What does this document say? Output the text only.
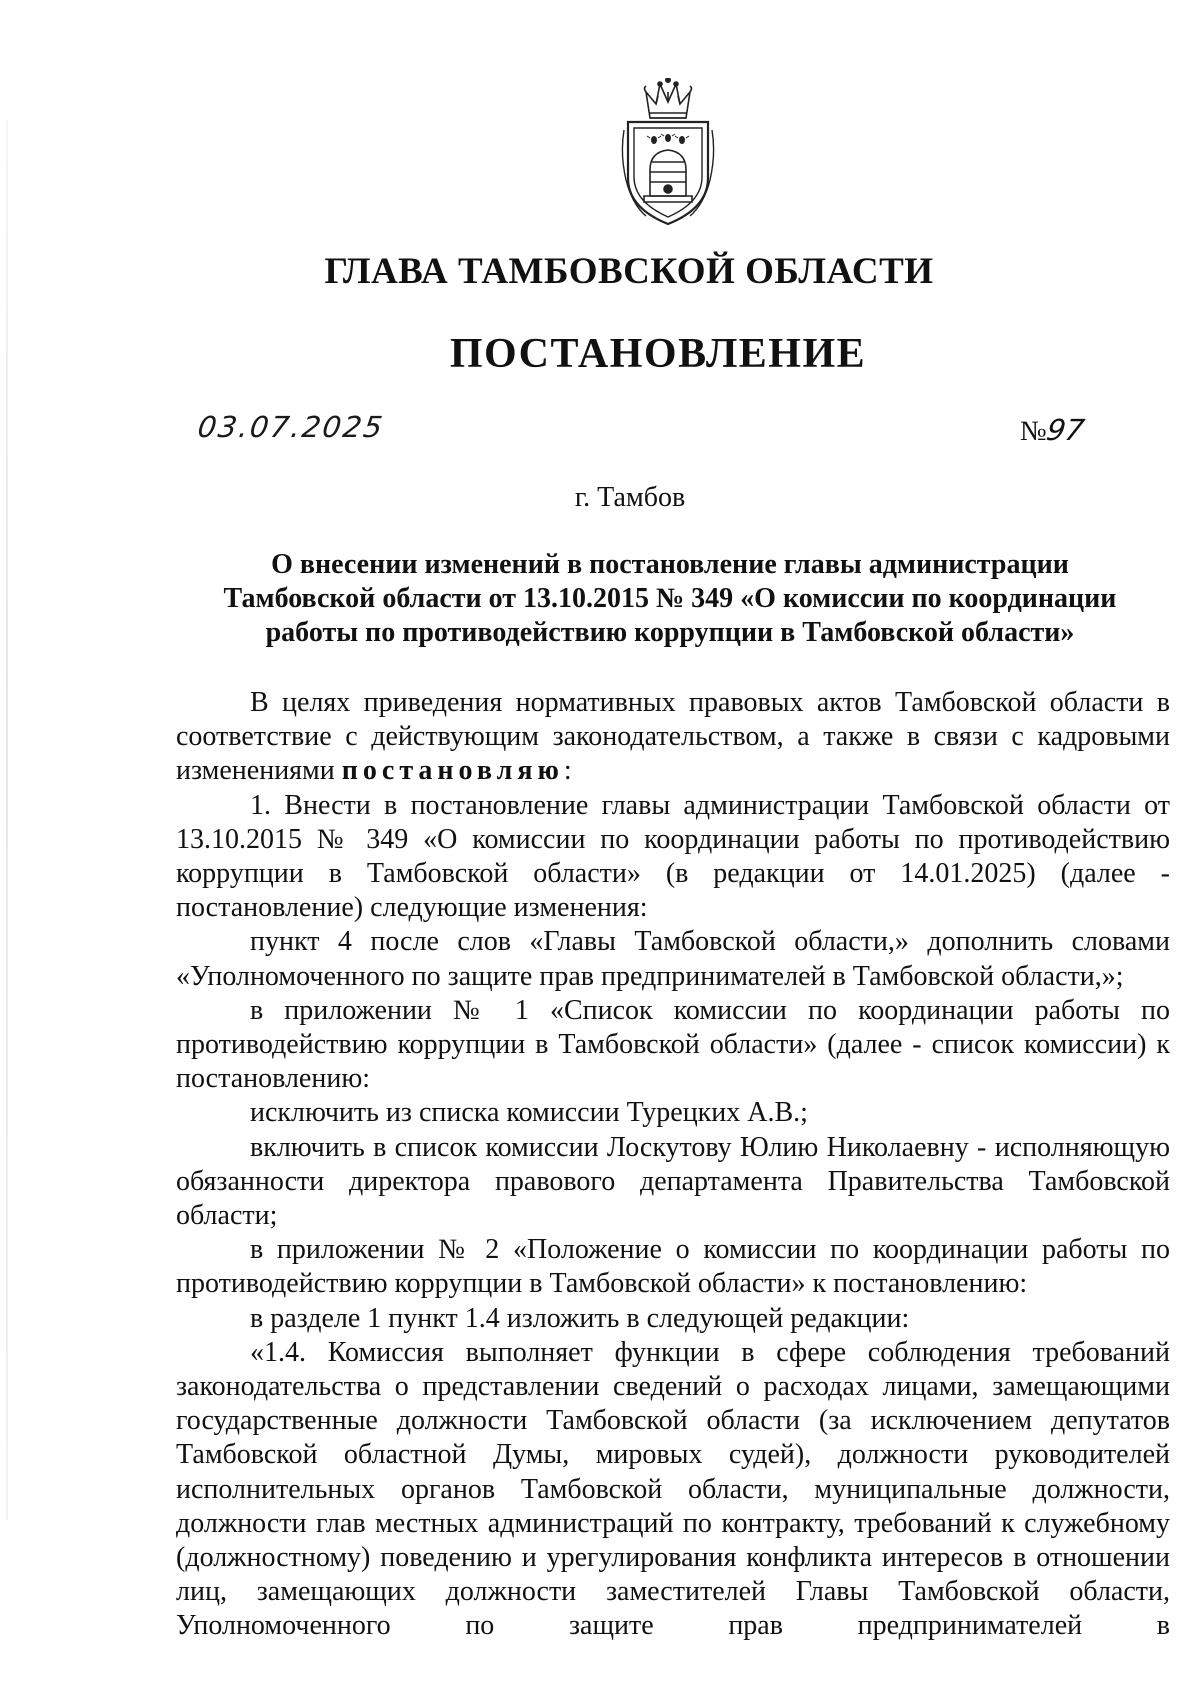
ГЛАВА ТАМБОВСКОЙ ОБЛАСТИ
ПОСТАНОВЛЕНИЕ
03.07.2025	№97
г. Тамбов
О внесении изменений в постановление главы администрации
Тамбовской области от 13.10.2015 № 349 «О комиссии по координации
работы по противодействию коррупции в Тамбовской области»

В целях приведения нормативных правовых актов Тамбовской области в соответствие с действующим законодательством, а также в связи с кадровыми изменениями постановляю:

1. Внести в постановление главы администрации Тамбовской области от 13.10.2015 № 349 «О комиссии по координации работы по противодействию коррупции в Тамбовской области» (в редакции от 14.01.2025) (далее - постановление) следующие изменения:

пункт 4 после слов «Главы Тамбовской области,» дополнить словами «Уполномоченного по защите прав предпринимателей в Тамбовской области,»;

в приложении № 1 «Список комиссии по координации работы по противодействию коррупции в Тамбовской области» (далее - список комиссии) к постановлению:

исключить из списка комиссии Турецких А.В.;

включить в список комиссии Лоскутову Юлию Николаевну - исполняющую обязанности директора правового департамента Правительства Тамбовской области;

в приложении № 2 «Положение о комиссии по координации работы по противодействию коррупции в Тамбовской области» к постановлению:

в разделе 1 пункт 1.4 изложить в следующей редакции:

«1.4. Комиссия выполняет функции в сфере соблюдения требований законодательства о представлении сведений о расходах лицами, замещающими государственные должности Тамбовской области (за исключением депутатов Тамбовской областной Думы, мировых судей), должности руководителей исполнительных органов Тамбовской области, муниципальные должности, должности глав местных администраций по контракту, требований к служебному (должностному) поведению и урегулирования конфликта интересов в отношении лиц, замещающих должности заместителей Главы Тамбовской области, Уполномоченного по защите прав предпринимателей в
